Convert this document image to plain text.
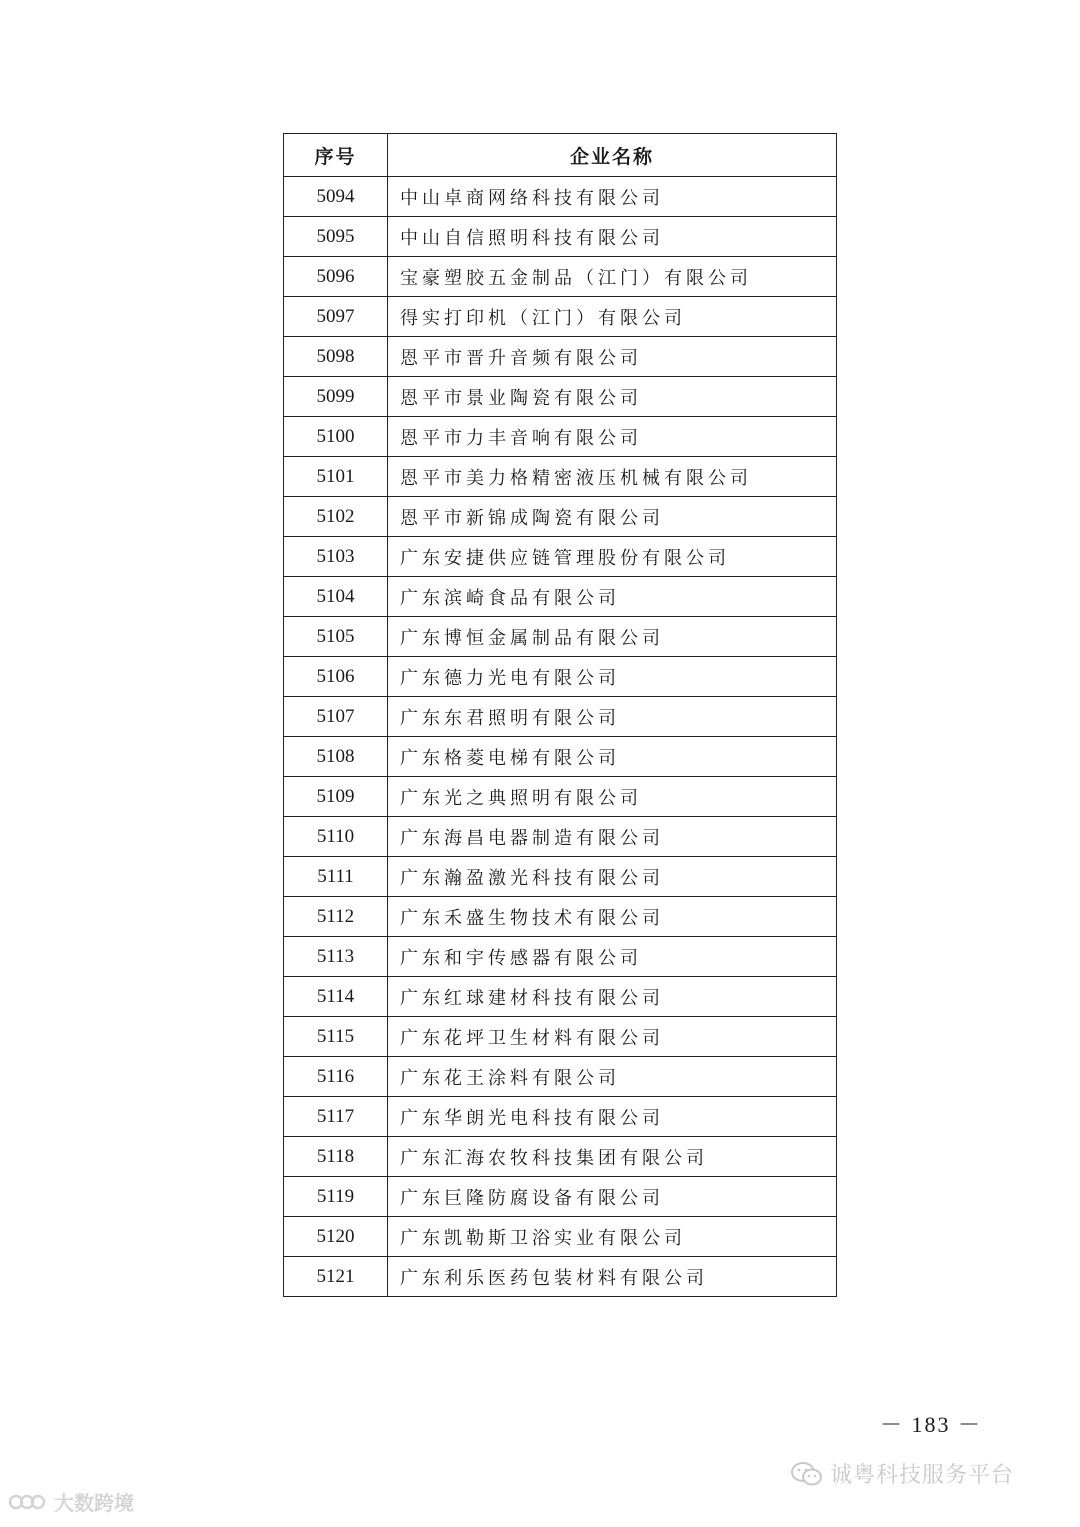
序号	企业名称
5094	中山卓商网络科技有限公司
5095	中山自信照明科技有限公司
5096	宝豪塑胶五金制品（江门）有限公司
5097	得实打印机（江门）有限公司
5098	恩平市晋升音频有限公司
5099	恩平市景业陶瓷有限公司
5100	恩平市力丰音响有限公司
5101	恩平市美力格精密液压机械有限公司
5102	恩平市新锦成陶瓷有限公司
5103	广东安捷供应链管理股份有限公司
5104	广东滨崎食品有限公司
5105	广东博恒金属制品有限公司
5106	广东德力光电有限公司
5107	广东东君照明有限公司
5108	广东格菱电梯有限公司
5109	广东光之典照明有限公司
5110	广东海昌电器制造有限公司
5111	广东瀚盈激光科技有限公司
5112	广东禾盛生物技术有限公司
5113	广东和宇传感器有限公司
5114	广东红球建材科技有限公司
5115	广东花坪卫生材料有限公司
5116	广东花王涂料有限公司
5117	广东华朗光电科技有限公司
5118	广东汇海农牧科技集团有限公司
5119	广东巨隆防腐设备有限公司
5120	广东凯勒斯卫浴实业有限公司
5121	广东利乐医药包装材料有限公司
－ 183 －
诚粤科技服务平台
大数跨境
